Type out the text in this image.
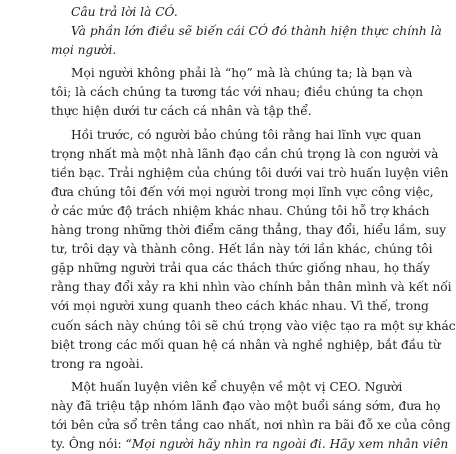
Câu trả lời là CÓ.
Và phần lớn điều sẽ biến cái CÓ đó thành hiện thực chính là
mọi người.
Mọi người không phải là “họ” mà là chúng ta; là bạn và
tôi; là cách chúng ta tương tác với nhau; điều chúng ta chọn
thực hiện dưới tư cách cá nhân và tập thể.
Hồi trước, có người bảo chúng tôi rằng hai lĩnh vực quan
trọng nhất mà một nhà lãnh đạo cần chú trọng là con người và
tiền bạc. Trải nghiệm của chúng tôi dưới vai trò huấn luyện viên
đưa chúng tôi đến với mọi người trong mọi lĩnh vực công việc,
ở các mức độ trách nhiệm khác nhau. Chúng tôi hỗ trợ khách
hàng trong những thời điểm căng thẳng, thay đổi, hiểu lầm, suy
tư, trôi dạy và thành công. Hết lần này tới lần khác, chúng tôi
gặp những người trải qua các thách thức giống nhau, họ thấy
rằng thay đổi xảy ra khi nhìn vào chính bản thân mình và kết nối
với mọi người xung quanh theo cách khác nhau. Vì thế, trong
cuốn sách này chúng tôi sẽ chú trọng vào việc tạo ra một sự khác
biệt trong các mối quan hệ cá nhân và nghề nghiệp, bắt đầu từ
trong ra ngoài.
Một huấn luyện viên kể chuyện về một vị CEO. Người
này đã triệu tập nhóm lãnh đạo vào một buổi sáng sớm, đưa họ
tới bên cửa sổ trên tầng cao nhất, nơi nhìn ra bãi đỗ xe của công
ty. Ông nói: “Mọi người hãy nhìn ra ngoài đi. Hãy xem nhân viên
